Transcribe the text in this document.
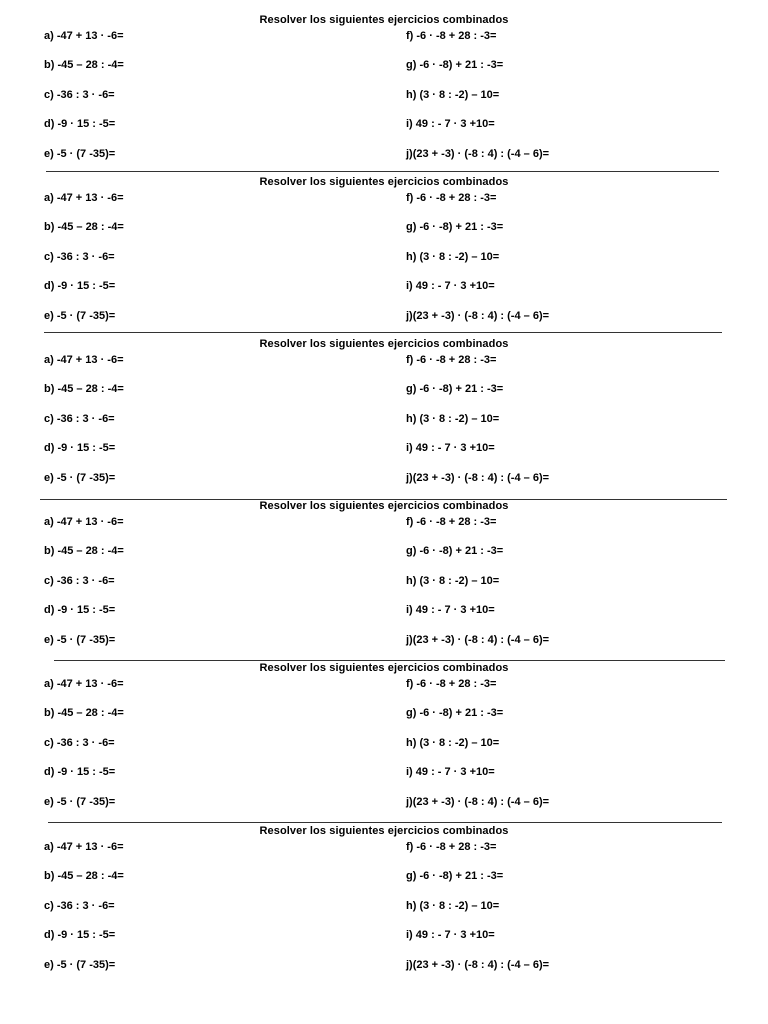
Resolver los siguientes ejercicios combinados
a) -47 + 13 · -6=
b) -45 – 28 : -4=
c) -36 : 3 · -6=
d) -9 · 15 : -5=
e) -5 · (7 -35)=
f) -6 · -8 + 28 : -3=
g) -6 · -8) + 21 : -3=
h) (3 · 8 : -2) – 10=
i) 49 : - 7 · 3 +10=
j)(23 + -3) · (-8 : 4) : (-4 – 6)=
Resolver los siguientes ejercicios combinados
a) -47 + 13 · -6=
b) -45 – 28 : -4=
c) -36 : 3 · -6=
d) -9 · 15 : -5=
e) -5 · (7 -35)=
f) -6 · -8 + 28 : -3=
g) -6 · -8) + 21 : -3=
h) (3 · 8 : -2) – 10=
i) 49 : - 7 · 3 +10=
j)(23 + -3) · (-8 : 4) : (-4 – 6)=
Resolver los siguientes ejercicios combinados
a) -47 + 13 · -6=
b) -45 – 28 : -4=
c) -36 : 3 · -6=
d) -9 · 15 : -5=
e) -5 · (7 -35)=
f) -6 · -8 + 28 : -3=
g) -6 · -8) + 21 : -3=
h) (3 · 8 : -2) – 10=
i) 49 : - 7 · 3 +10=
j)(23 + -3) · (-8 : 4) : (-4 – 6)=
Resolver los siguientes ejercicios combinados
a) -47 + 13 · -6=
b) -45 – 28 : -4=
c) -36 : 3 · -6=
d) -9 · 15 : -5=
e) -5 · (7 -35)=
f) -6 · -8 + 28 : -3=
g) -6 · -8) + 21 : -3=
h) (3 · 8 : -2) – 10=
i) 49 : - 7 · 3 +10=
j)(23 + -3) · (-8 : 4) : (-4 – 6)=
Resolver los siguientes ejercicios combinados
a) -47 + 13 · -6=
b) -45 – 28 : -4=
c) -36 : 3 · -6=
d) -9 · 15 : -5=
e) -5 · (7 -35)=
f) -6 · -8 + 28 : -3=
g) -6 · -8) + 21 : -3=
h) (3 · 8 : -2) – 10=
i) 49 : - 7 · 3 +10=
j)(23 + -3) · (-8 : 4) : (-4 – 6)=
Resolver los siguientes ejercicios combinados
a) -47 + 13 · -6=
b) -45 – 28 : -4=
c) -36 : 3 · -6=
d) -9 · 15 : -5=
e) -5 · (7 -35)=
f) -6 · -8 + 28 : -3=
g) -6 · -8) + 21 : -3=
h) (3 · 8 : -2) – 10=
i) 49 : - 7 · 3 +10=
j)(23 + -3) · (-8 : 4) : (-4 – 6)=
